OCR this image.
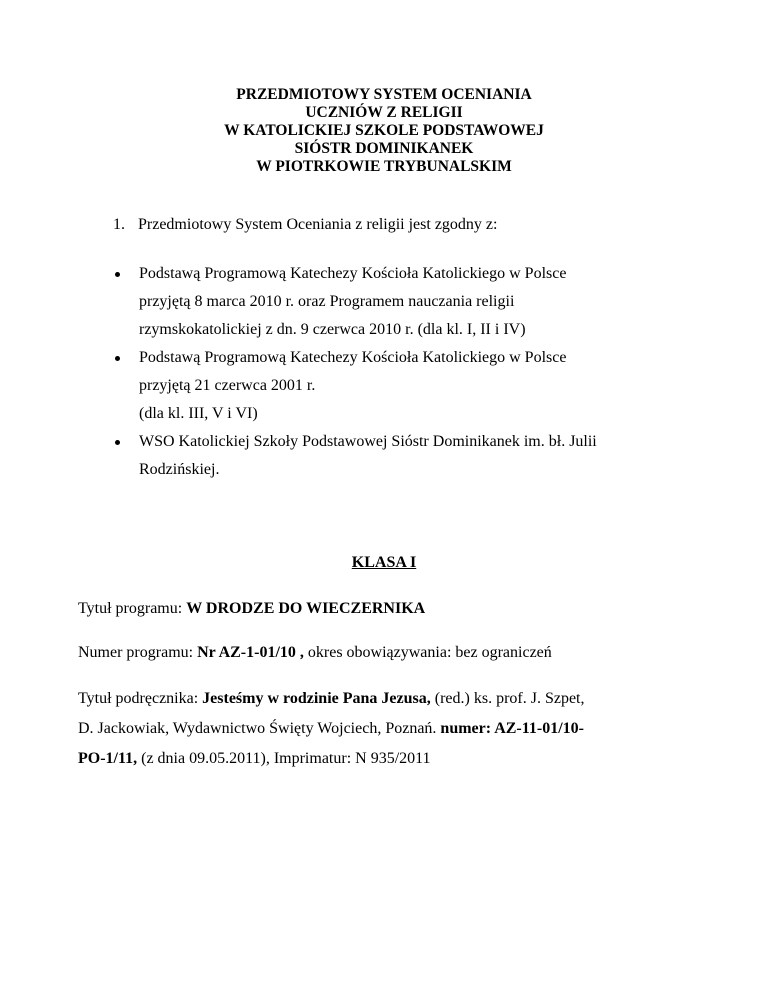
PRZEDMIOTOWY SYSTEM OCENIANIA
UCZNIÓW Z RELIGII
W KATOLICKIEJ SZKOLE PODSTAWOWEJ
SIÓSTR DOMINIKANEK
W PIOTRKOWIE TRYBUNALSKIM
1. Przedmiotowy System Oceniania z religii jest zgodny z:
Podstawą Programową Katechezy Kościoła Katolickiego w Polsce
przyjętą 8 marca 2010 r. oraz Programem nauczania religii
rzymskokatolickiej z dn. 9 czerwca 2010 r. (dla kl. I, II i IV)
Podstawą Programową Katechezy Kościoła Katolickiego w Polsce
przyjętą 21 czerwca 2001 r.
(dla kl. III, V i VI)
WSO Katolickiej Szkoły Podstawowej Sióstr Dominikanek im. bł. Julii
Rodzińskiej.
KLASA I
Tytuł programu: W DRODZE DO WIECZERNIKA
Numer programu: Nr AZ-1-01/10 , okres obowiązywania: bez ograniczeń
Tytuł podręcznika: Jesteśmy w rodzinie Pana Jezusa, (red.) ks. prof. J. Szpet,
D. Jackowiak, Wydawnictwo Święty Wojciech, Poznań. numer: AZ-11-01/10-
PO-1/11, (z dnia 09.05.2011), Imprimatur: N 935/2011
